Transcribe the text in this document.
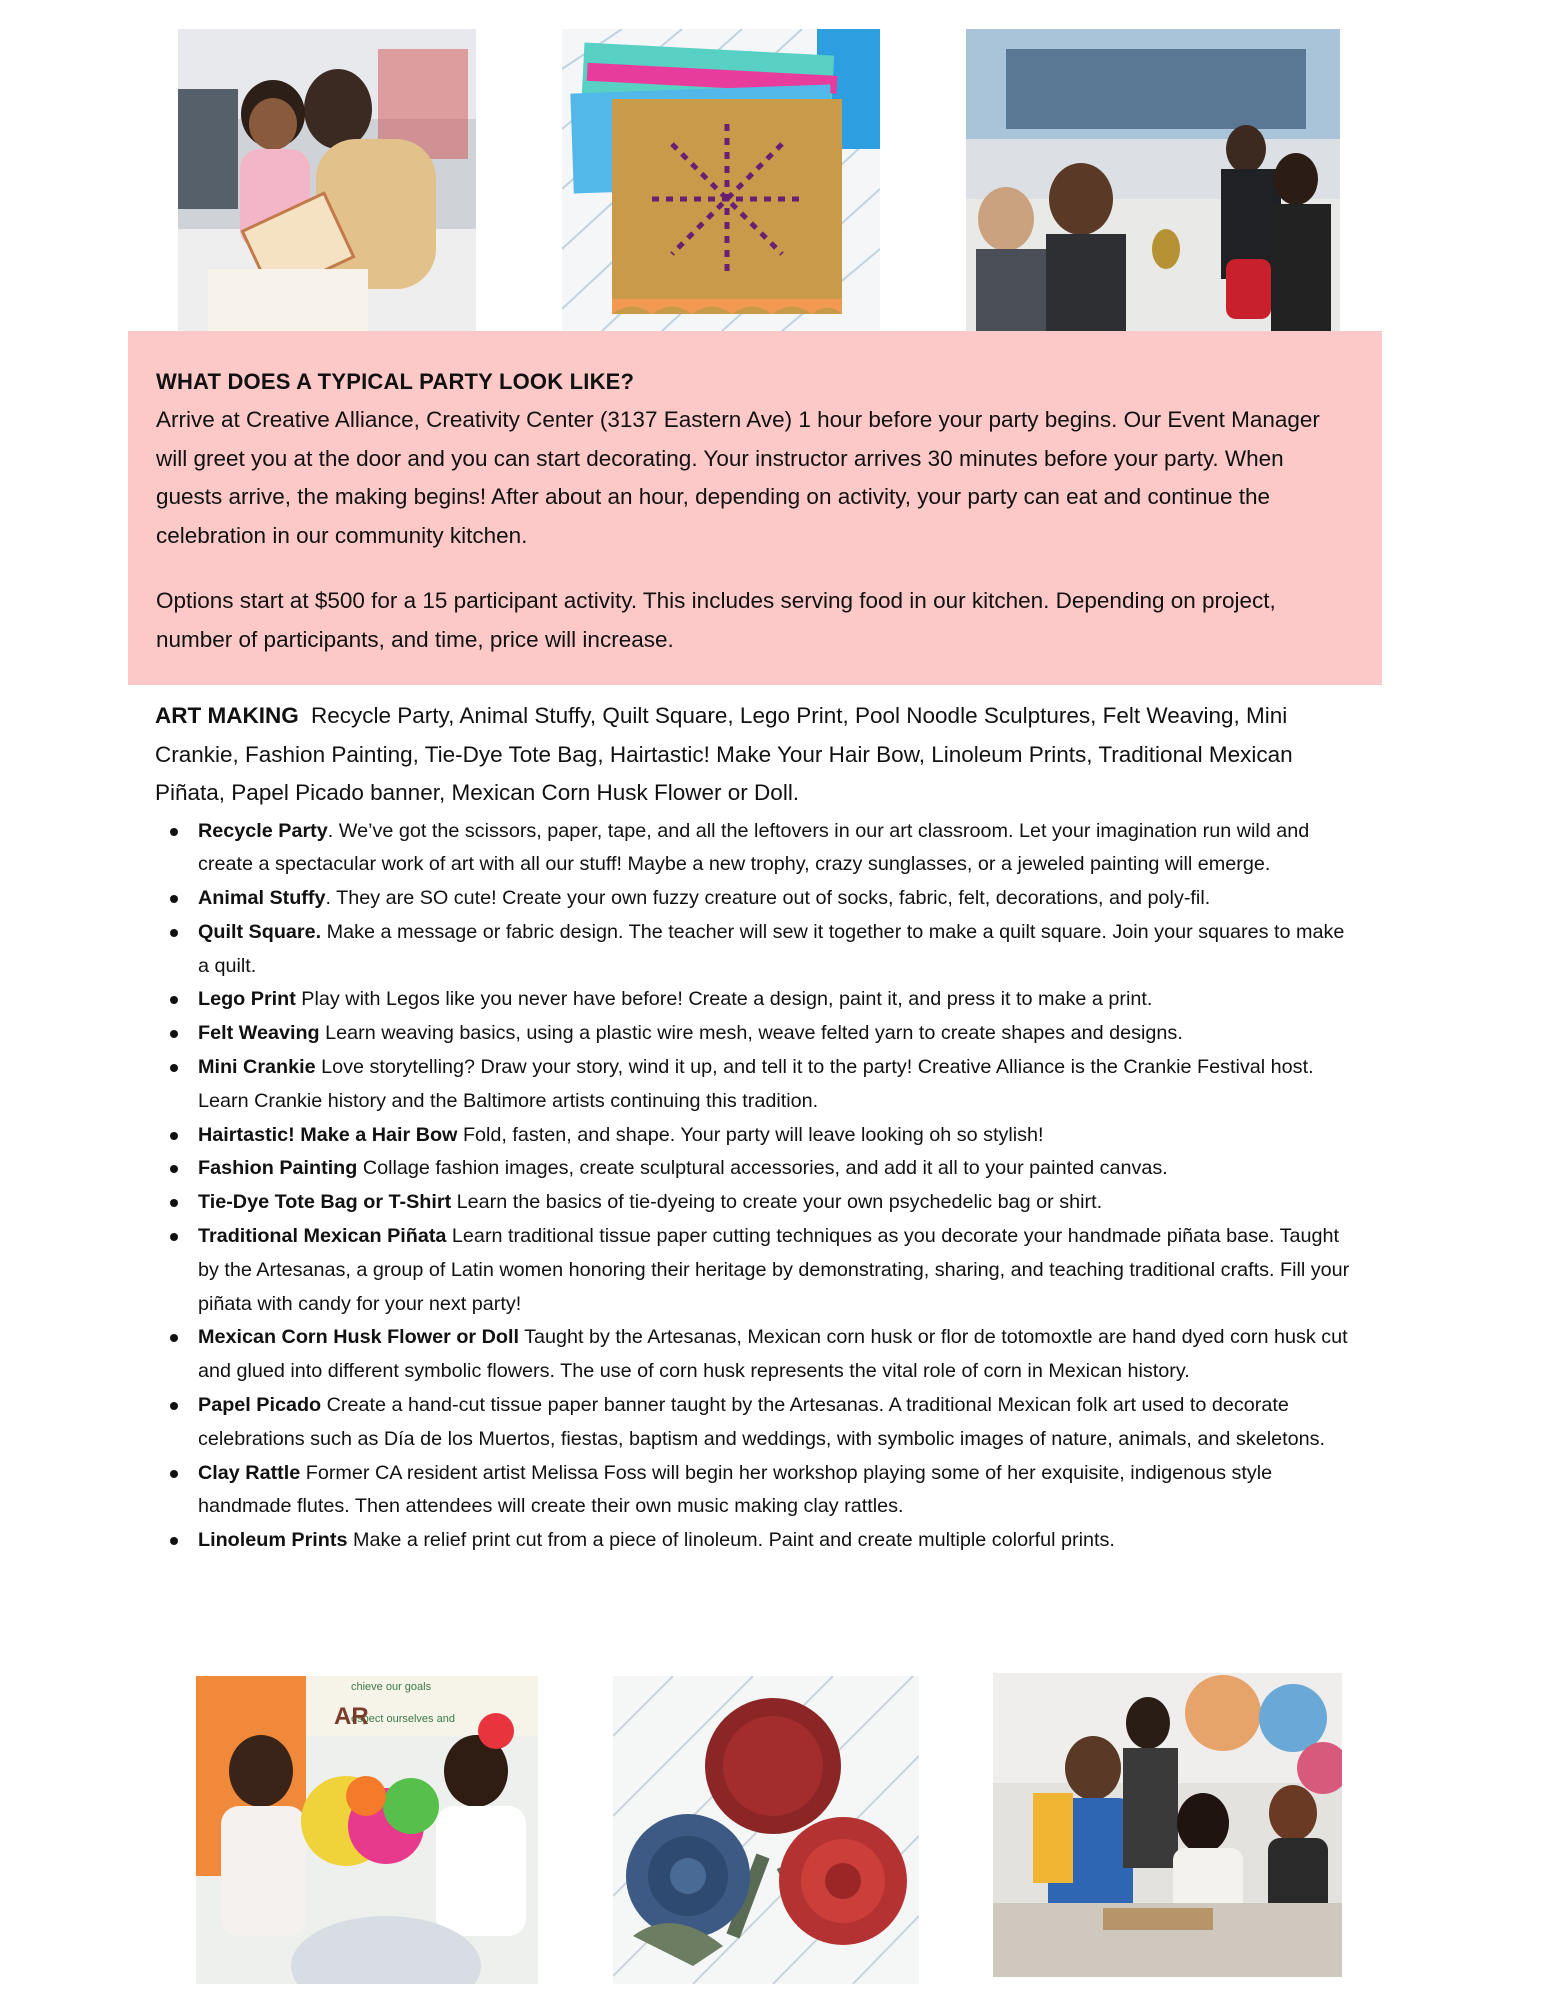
WHAT DOES A TYPICAL PARTY LOOK LIKE?

Arrive at Creative Alliance, Creativity Center (3137 Eastern Ave) 1 hour before your party begins. Our Event Manager will greet you at the door and you can start decorating. Your instructor arrives 30 minutes before your party. When guests arrive, the making begins! After about an hour, depending on activity, your party can eat and continue the celebration in our community kitchen.

Options start at $500 for a 15 participant activity. This includes serving food in our kitchen. Depending on project, number of participants, and time, price will increase.

ART MAKING Recycle Party, Animal Stuffy, Quilt Square, Lego Print, Pool Noodle Sculptures, Felt Weaving, Mini Crankie, Fashion Painting, Tie-Dye Tote Bag, Hairtastic! Make Your Hair Bow, Linoleum Prints, Traditional Mexican Piñata, Papel Picado banner, Mexican Corn Husk Flower or Doll.

Recycle Party. We’ve got the scissors, paper, tape, and all the leftovers in our art classroom. Let your imagination run wild and create a spectacular work of art with all our stuff! Maybe a new trophy, crazy sunglasses, or a jeweled painting will emerge.
Animal Stuffy. They are SO cute! Create your own fuzzy creature out of socks, fabric, felt, decorations, and poly-fil.
Quilt Square. Make a message or fabric design. The teacher will sew it together to make a quilt square. Join your squares to make a quilt.
Lego Print Play with Legos like you never have before! Create a design, paint it, and press it to make a print.
Felt Weaving Learn weaving basics, using a plastic wire mesh, weave felted yarn to create shapes and designs.
Mini Crankie Love storytelling? Draw your story, wind it up, and tell it to the party! Creative Alliance is the Crankie Festival host. Learn Crankie history and the Baltimore artists continuing this tradition.
Hairtastic! Make a Hair Bow Fold, fasten, and shape. Your party will leave looking oh so stylish!
Fashion Painting Collage fashion images, create sculptural accessories, and add it all to your painted canvas.
Tie-Dye Tote Bag or T-Shirt Learn the basics of tie-dyeing to create your own psychedelic bag or shirt.
Traditional Mexican Piñata Learn traditional tissue paper cutting techniques as you decorate your handmade piñata base. Taught by the Artesanas, a group of Latin women honoring their heritage by demonstrating, sharing, and teaching traditional crafts. Fill your piñata with candy for your next party!
Mexican Corn Husk Flower or Doll Taught by the Artesanas, Mexican corn husk or flor de totomoxtle are hand dyed corn husk cut and glued into different symbolic flowers. The use of corn husk represents the vital role of corn in Mexican history.
Papel Picado Create a hand-cut tissue paper banner taught by the Artesanas. A traditional Mexican folk art used to decorate celebrations such as Día de los Muertos, fiestas, baptism and weddings, with symbolic images of nature, animals, and skeletons.
Clay Rattle Former CA resident artist Melissa Foss will begin her workshop playing some of her exquisite, indigenous style handmade flutes. Then attendees will create their own music making clay rattles.
Linoleum Prints Make a relief print cut from a piece of linoleum. Paint and create multiple colorful prints.
chieve our goals
espect ourselves and
AR
